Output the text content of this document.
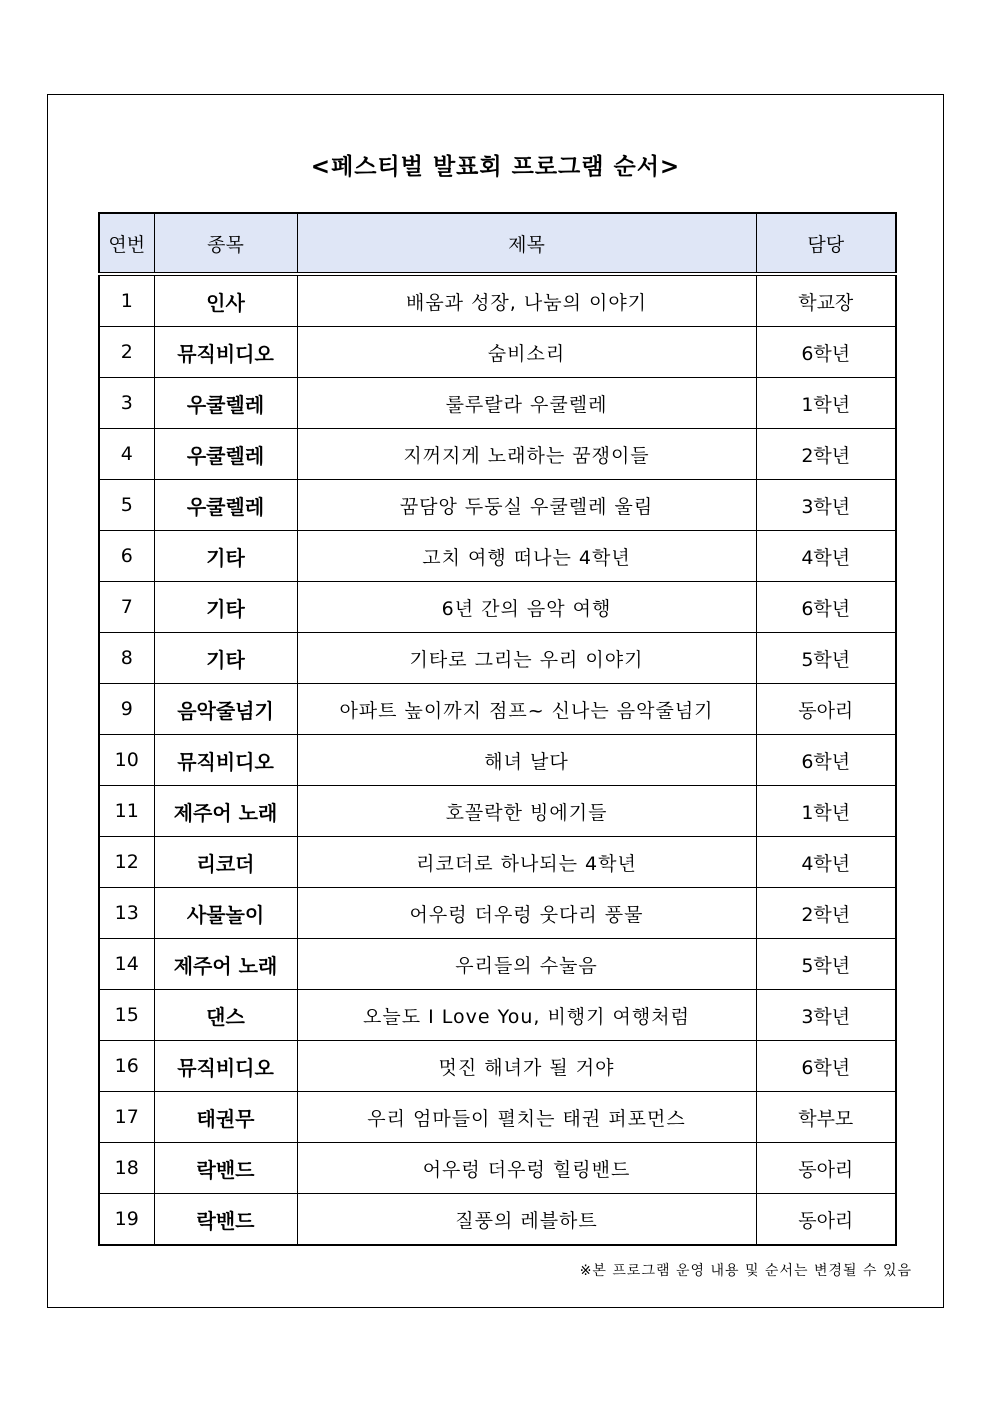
<페스티벌 발표회 프로그램 순서>
연번	종목	제목	담당
1	인사	배움과 성장, 나눔의 이야기	학교장
2	뮤직비디오	숨비소리	6학년
3	우쿨렐레	룰루랄라 우쿨렐레	1학년
4	우쿨렐레	지꺼지게 노래하는 꿈쟁이들	2학년
5	우쿨렐레	꿈담앙 두둥실 우쿨렐레 울림	3학년
6	기타	고치 여행 떠나는 4학년	4학년
7	기타	6년 간의 음악 여행	6학년
8	기타	기타로 그리는 우리 이야기	5학년
9	음악줄넘기	아파트 높이까지 점프~ 신나는 음악줄넘기	동아리
10	뮤직비디오	해녀 날다	6학년
11	제주어 노래	호꼴락한 빙에기들	1학년
12	리코더	리코더로 하나되는 4학년	4학년
13	사물놀이	어우렁 더우렁 웃다리 풍물	2학년
14	제주어 노래	우리들의 수눌음	5학년
15	댄스	오늘도 I Love You, 비행기 여행처럼	3학년
16	뮤직비디오	멋진 해녀가 될 거야	6학년
17	태권무	우리 엄마들이 펼치는 태권 퍼포먼스	학부모
18	락밴드	어우렁 더우렁 힐링밴드	동아리
19	락밴드	질풍의 레블하트	동아리
※본 프로그램 운영 내용 및 순서는 변경될 수 있음
